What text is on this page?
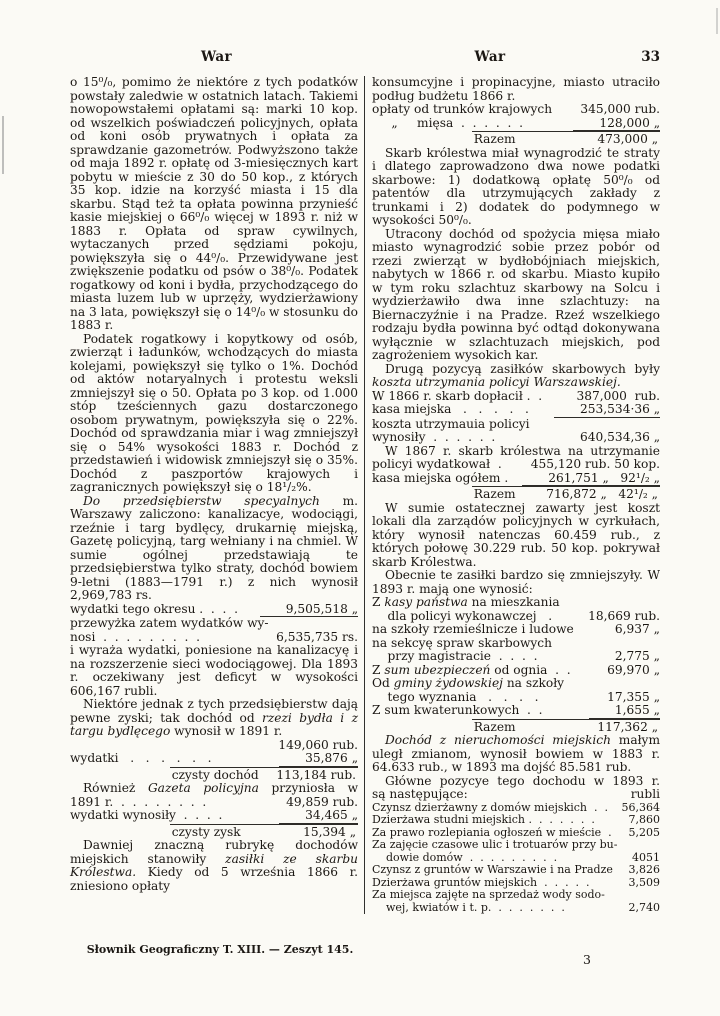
War	War	33
o 15⁰/₀, pomimo że niektóre z tych podatków powstały zaledwie w ostatnich latach. Takiemi nowopowstałemi opłatami są: marki 10 kop. od wszelkich poświadczeń policyjnych, opłata od koni osób prywatnych i opłata za sprawdzanie gazometrów. Podwyższono także od maja 1892 r. opłatę od 3-miesięcznych kart pobytu w mieście z 30 do 50 kop., z których 35 kop. idzie na korzyść miasta i 15 dla skarbu. Stąd też ta opłata powinna przynieść kasie miejskiej o 66⁰/₀ więcej w 1893 r. niż w 1883 r. Opłata od spraw cywilnych, wytaczanych przed sędziami pokoju, powiększyła się o 44⁰/₀. Przewidywane jest zwiększenie podatku od psów o 38⁰/₀. Podatek rogatkowy od koni i bydła, przychodzącego do miasta luzem lub w uprzęży, wydzierżawiony na 3 lata, powiększył się o 14⁰/₀ w stosunku do 1883 r.
Podatek rogatkowy i kopytkowy od osób, zwierząt i ładunków, wchodzących do miasta kolejami, powiększył się tylko o 1%. Dochód od aktów notaryalnych i protestu weksli zmniejszył się o 50. Opłata po 3 kop. od 1.000 stóp tześciennych gazu dostarczonego osobom prywatnym, powiększyła się o 22%. Dochód od sprawdzania miar i wag zmniejszył się o 54% wysokości 1883 r. Dochód z przedstawień i widowisk zmniejszył się o 35%. Dochód z paszportów krajowych i zagranicznych powiększył się o 18¹/₂%.
Do przedsiębierstw specyalnych m. Warszawy zaliczono: kanalizacye, wodociągi, rzeźnie i targ bydlęcy, drukarnię miejską, Gazetę policyjną, targ wełniany i na chmiel. W sumie ogólnej przedstawiają te przedsiębierstwa tylko straty, dochód bowiem 9-letni (1883—1791 r.) z nich wynosił 2,969,783 rs.
wydatki tego okresu .  .  .  .	9,505,518 „
przewyżka zatem wydatków wy-
nosi  .  .  .  .  .  .  .  .  .	6,535,735 rs.
i wyraża wydatki, poniesione na kanalizacyę i na rozszerzenie sieci wodociągowej. Dla 1893 r. oczekiwany jest deficyt w wysokości 606,167 rubli.
Niektóre jednak z tych przedsiębierstw dają pewne zyski; tak dochód od rzezi bydła i z targu bydlęcego wynosił w 1891 r.
149,060 rub.
wydatki   .   .   .   .   .   .	35,876 „
czysty dochód 113,184 rub.
Również Gazeta policyjna przyniosła w
1891 r.  .  .  .  .  .  .  .  .	49,859 rub.
wydatki wynosiły  .  .  .  .	34,465 „
czysty zysk	15,394 „
Dawniej znaczną rubrykę dochodów miejskich stanowiły zasiłki ze skarbu Królestwa. Kiedy od 5 września 1866 r. zniesiono opłaty
konsumcyjne i propinacyjne, miasto utraciło podług budżetu 1866 r.
opłaty od trunków krajowych 345,000 rub.
„     mięsa  .  .  .  .  .  .	128,000 „
Razem	473,000 „
Skarb królestwa miał wynagrodzić te straty i dlatego zaprowadzono dwa nowe podatki skarbowe: 1) dodatkową opłatę 50⁰/₀ od patentów dla utrzymujących zakłady z trunkami i 2) dodatek do podymnego w wysokości 50⁰/₀.
Utracony dochód od spożycia mięsa miało miasto wynagrodzić sobie przez pobór od rzezi zwierząt w bydłobójniach miejskich, nabytych w 1866 r. od skarbu. Miasto kupiło w tym roku szlachtuz skarbowy na Solcu i wydzierżawiło dwa inne szlachtuzy: na Biernaczyźnie i na Pradze. Rzeź wszelkiego rodzaju bydła powinna być odtąd dokonywana wyłącznie w szlachtuzach miejskich, pod zagrożeniem wysokich kar.
Drugą pozycyą zasiłków skarbowych były koszta utrzymania policyi Warszawskiej.
W 1866 r. skarb dopłacił .  .	387,000  rub.
kasa miejska   .   .   .   .   .	253,534·36 „
koszta utrzymauia policyi
wynosiły  .  .  .  .  .  .	640,534,36 „
W 1867 r. skarb królestwa na utrzymanie
policyi wydatkował  . 455,120 rub. 50 kop.
kasa miejska ogółem .	261,751 „   92¹/₂ „
Razem	716,872 „   42¹/₂ „
W sumie ostatecznej zawarty jest koszt lokali dla zarządów policyjnych w cyrkułach, który wynosił natenczas 60.459 rub., z których połowę 30.229 rub. 50 kop. pokrywał skarb Królestwa.
Obecnie te zasiłki bardzo się zmniejszyły. W 1893 r. mają one wynosić:
Z kasy państwa na mieszkania
dla policyi wykonawczej   .	18,669 rub.
na szkoły rzemieślnicze i ludowe	6,937 „
na sekcyę spraw skarbowych
przy magistracie  .  .  .  .	2,775 „
Z sum ubezpieczeń od ognia  .  .	69,970 „
Od gminy żydowskiej na szkoły
tego wyznania   .   .   .   .	17,355 „
Z sum kwaterunkowych  .  .	1,655 „
Razem	117,362 „
Dochód z nieruchomości miejskich małym uległ zmianom, wynosił bowiem w 1883 r. 64.633 rub., w 1893 ma dojść 85.581 rub.
Główne pozycye tego dochodu w 1893 r.
są następujące:	rubli
Czynsz dzierżawny z domów miejskich  .  . 56,364
Dzierżawa studni miejskich .  .  .  .  .  .  .	7,860
Za prawo rozlepiania ogłoszeń w mieście  . 5,205
Za zajęcie czasowe ulic i trotuarów przy bu-
dowie domów  .  .  .  .  .  .  .  .  .	4051
Czynsz z gruntów w Warszawie i na Pradze 3,826
Dzierżawa gruntów miejskich  .  .  .  .  .	3,509
Za miejsca zajęte na sprzedaż wody sodo-
wej, kwiatów i t. p.  .  .  .  .  .  .  .	2,740
Słownik Geograficzny T. XIII. — Zeszyt 145.
3
